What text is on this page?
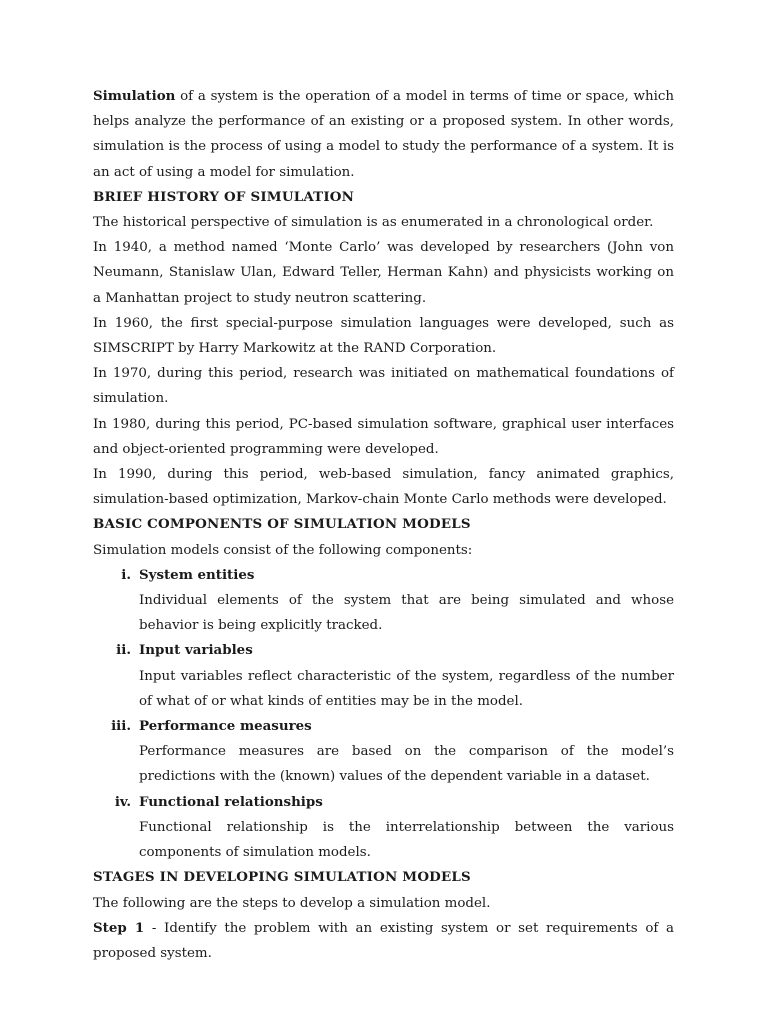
Simulation of a system is the operation of a model in terms of time or space, which helps analyze the performance of an existing or a proposed system. In other words, simulation is the process of using a model to study the performance of a system. It is an act of using a model for simulation.

BRIEF HISTORY OF SIMULATION

The historical perspective of simulation is as enumerated in a chronological order.

In 1940, a method named ‘Monte Carlo’ was developed by researchers (John von Neumann, Stanislaw Ulan, Edward Teller, Herman Kahn) and physicists working on a Manhattan project to study neutron scattering.

In 1960, the first special-purpose simulation languages were developed, such as SIMSCRIPT by Harry Markowitz at the RAND Corporation.

In 1970, during this period, research was initiated on mathematical foundations of simulation.

In 1980, during this period, PC-based simulation software, graphical user interfaces and object-oriented programming were developed.

In 1990, during this period, web-based simulation, fancy animated graphics, simulation-based optimization, Markov-chain Monte Carlo methods were developed.

BASIC COMPONENTS OF SIMULATION MODELS

Simulation models consist of the following components:

i. System entities

Individual elements of the system that are being simulated and whose behavior is being explicitly tracked.

ii. Input variables

Input variables reflect characteristic of the system, regardless of the number of what of or what kinds of entities may be in the model.

iii. Performance measures

Performance measures are based on the comparison of the model’s predictions with the (known) values of the dependent variable in a dataset.

iv. Functional relationships

Functional relationship is the interrelationship between the various components of simulation models.

STAGES IN DEVELOPING SIMULATION MODELS

The following are the steps to develop a simulation model.

Step 1 - Identify the problem with an existing system or set requirements of a proposed system.
